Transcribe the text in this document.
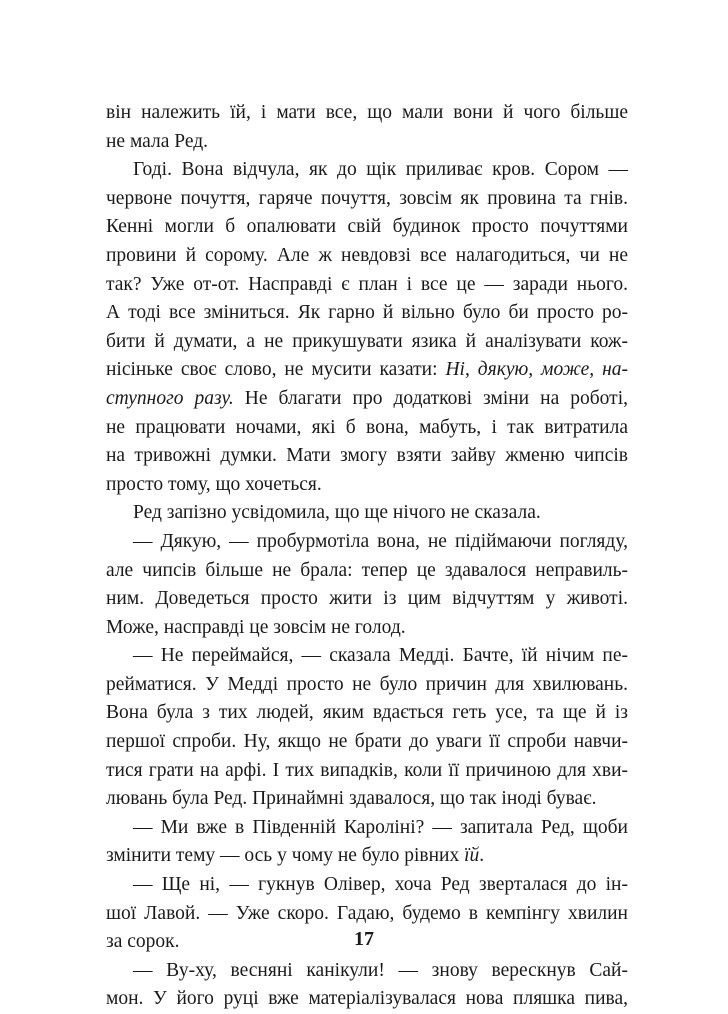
він належить їй, і мати все, що мали вони й чого більше
не мала Ред.
Годі. Вона відчула, як до щік приливає кров. Сором —
червоне почуття, гаряче почуття, зовсім як провина та гнів.
Кенні могли б опалювати свій будинок просто почуттями
провини й сорому. Але ж невдовзі все налагодиться, чи не
так? Уже от-от. Насправді є план і все це — заради нього.
А тоді все зміниться. Як гарно й вільно було би просто ро-
бити й думати, а не прикушувати язика й аналізувати кож-
нісіньке своє слово, не мусити казати: Ні, дякую, може, на-
ступного разу. Не благати про додаткові зміни на роботі,
не працювати ночами, які б вона, мабуть, і так витратила
на тривожні думки. Мати змогу взяти зайву жменю чипсів
просто тому, що хочеться.
Ред запізно усвідомила, що ще нічого не сказала.
— Дякую, — пробурмотіла вона, не підіймаючи погляду,
але чипсів більше не брала: тепер це здавалося неправиль-
ним. Доведеться просто жити із цим відчуттям у животі.
Може, насправді це зовсім не голод.
— Не переймайся, — сказала Медді. Бачте, їй нічим пе-
рейматися. У Медді просто не було причин для хвилювань.
Вона була з тих людей, яким вдається геть усе, та ще й із
першої спроби. Ну, якщо не брати до уваги її спроби навчи-
тися грати на арфі. І тих випадків, коли її причиною для хви-
лювань була Ред. Принаймні здавалося, що так іноді буває.
— Ми вже в Південній Кароліні? — запитала Ред, щоби
змінити тему — ось у чому не було рівних їй.
— Ще ні, — гукнув Олівер, хоча Ред зверталася до ін-
шої Лавой. — Уже скоро. Гадаю, будемо в кемпінгу хвилин
за сорок.
— Ву-ху, весняні канікули! — знову верескнув Сай-
мон. У його руці вже матеріалізувалася нова пляшка пива,
17
